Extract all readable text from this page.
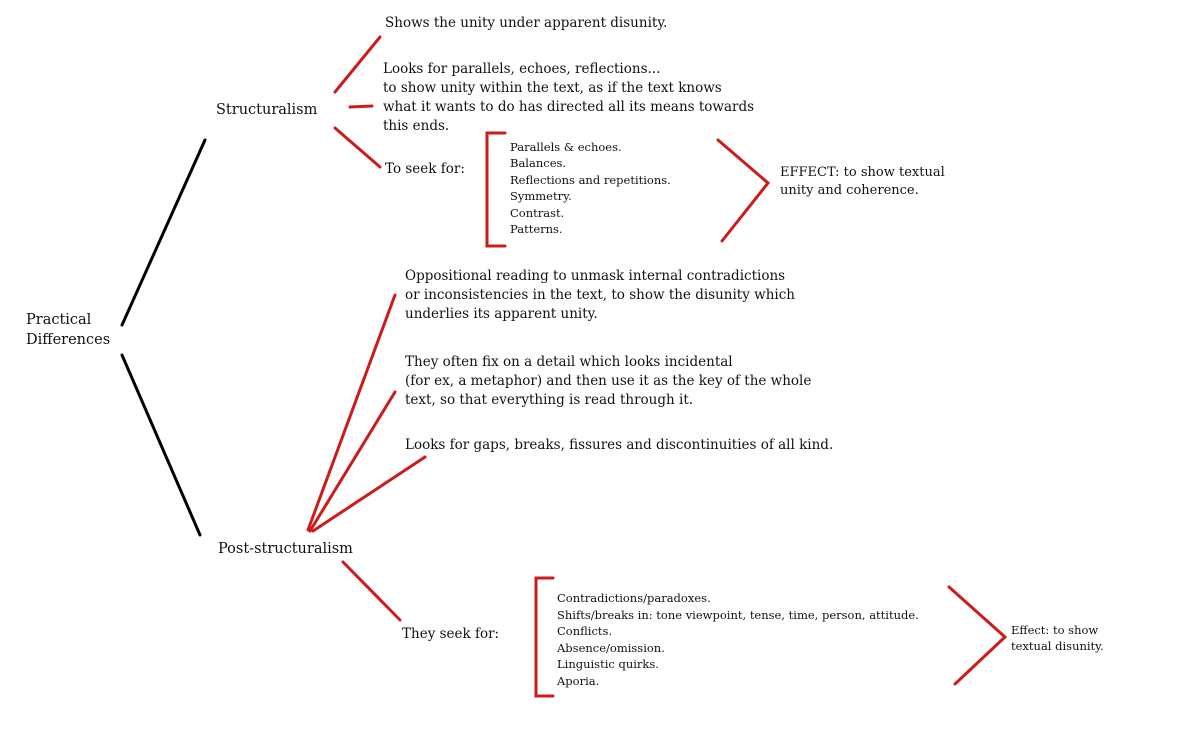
Practical
Differences
Structuralism
Shows the unity under apparent disunity.
Looks for parallels, echoes, reflections...
to show unity within the text, as if the text knows
what it wants to do has directed all its means towards
this ends.
To seek for:
Parallels & echoes.
Balances.
Reflections and repetitions.
Symmetry.
Contrast.
Patterns.
EFFECT: to show textual
unity and coherence.
Post-structuralism
Oppositional reading to unmask internal contradictions
or inconsistencies in the text, to show the disunity which
underlies its apparent unity.
They often fix on a detail which looks incidental
(for ex, a metaphor) and then use it as the key of the whole
text, so that everything is read through it.
Looks for gaps, breaks, fissures and discontinuities of all kind.
They seek for:
Contradictions/paradoxes.
Shifts/breaks in: tone viewpoint, tense, time, person, attitude.
Conflicts.
Absence/omission.
Linguistic quirks.
Aporia.
Effect: to show
textual disunity.
